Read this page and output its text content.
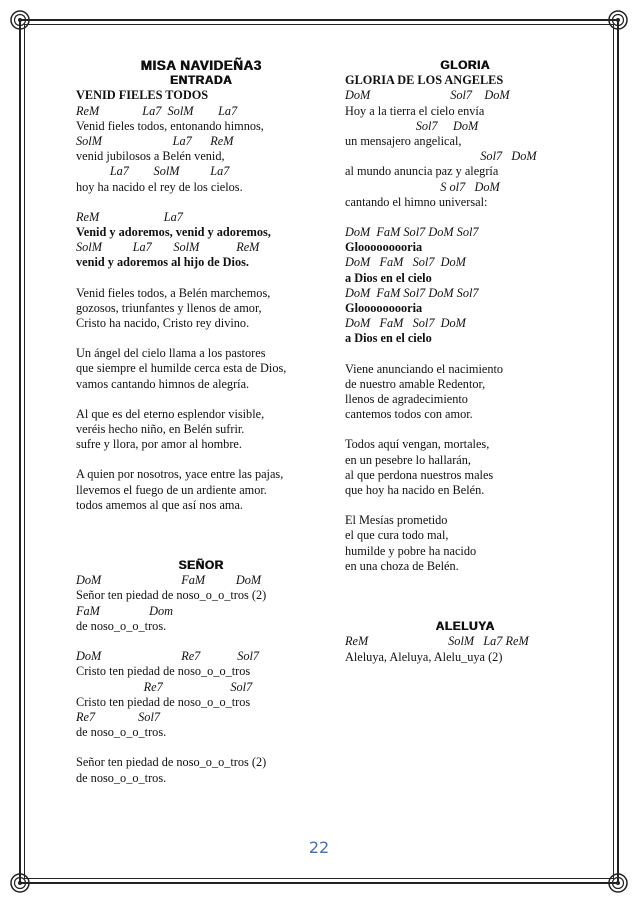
MISA NAVIDEÑA3
ENTRADA
VENID FIELES TODOS
ReM              La7  SolM        La7
Venid fieles todos, entonando himnos,
SolM                       La7      ReM
venid jubilosos a Belén venid,
La7        SolM          La7
hoy ha nacido el rey de los cielos.
ReM                     La7
Venid y adoremos, venid y adoremos,
SolM          La7       SolM            ReM
venid y adoremos al hijo de Dios.
Venid fieles todos, a Belén marchemos,
gozosos, triunfantes y llenos de amor,
Cristo ha nacido, Cristo rey divino.
Un ángel del cielo llama a los pastores
que siempre el humilde cerca esta de Dios,
vamos cantando himnos de alegría.
Al que es del eterno esplendor visible,
veréis hecho niño, en Belén sufrir.
sufre y llora, por amor al hombre.
A quien por nosotros, yace entre las pajas,
llevemos el fuego de un ardiente amor.
todos amemos al que así nos ama.
SEÑOR
DoM                          FaM          DoM
Señor ten piedad de noso_o_o_tros (2)
FaM                Dom
de noso_o_o_tros.
DoM                          Re7            Sol7
Cristo ten piedad de noso_o_o_tros
Re7                      Sol7
Cristo ten piedad de noso_o_o_tros
Re7              Sol7
de noso_o_o_tros.
Señor ten piedad de noso_o_o_tros (2)
de noso_o_o_tros.
GLORIA
GLORIA DE LOS ANGELES
DoM                          Sol7    DoM
Hoy a la tierra el cielo envía
Sol7     DoM
un mensajero angelical,
Sol7   DoM
al mundo anuncia paz y alegría
S ol7   DoM
cantando el himno universal:
DoM  FaM Sol7 DoM Sol7
Glooooooooria
DoM   FaM   Sol7  DoM
a Dios en el cielo
DoM  FaM Sol7 DoM Sol7
Glooooooooria
DoM   FaM   Sol7  DoM
a Dios en el cielo
Viene anunciando el nacimiento
de nuestro amable Redentor,
llenos de agradecimiento
cantemos todos con amor.
Todos aquí vengan, mortales,
en un pesebre lo hallarán,
al que perdona nuestros males
que hoy ha nacido en Belén.
El Mesías prometido
el que cura todo mal,
humilde y pobre ha nacido
en una choza de Belén.
ALELUYA
ReM                          SolM   La7 ReM
Aleluya, Aleluya, Alelu_uya (2)
22
